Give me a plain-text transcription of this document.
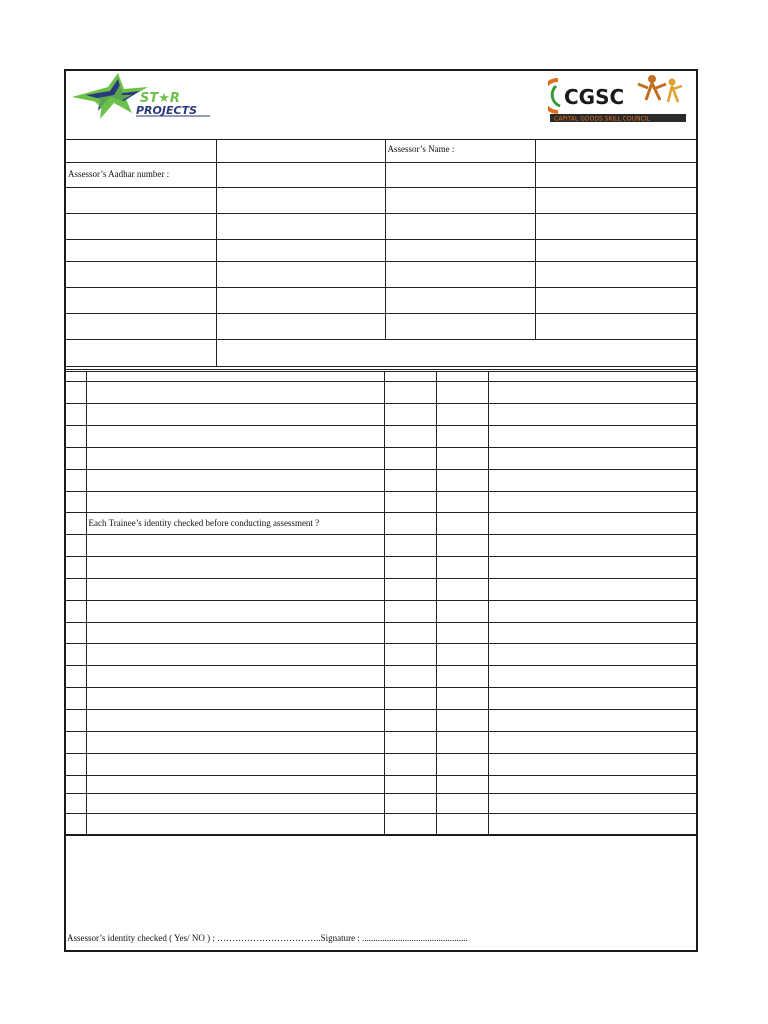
ST★R
PROJECTS
CGSC
CAPITAL GOODS SKILL COUNCIL
		Assessor’s Name :	
Assessor’s Aadhar number :			

	Each Trainee’s identity checked before conducting assessment ?			

Assessor’s identity checked ( Yes/ NO ) : ……………………………..Signature : ...............................................
